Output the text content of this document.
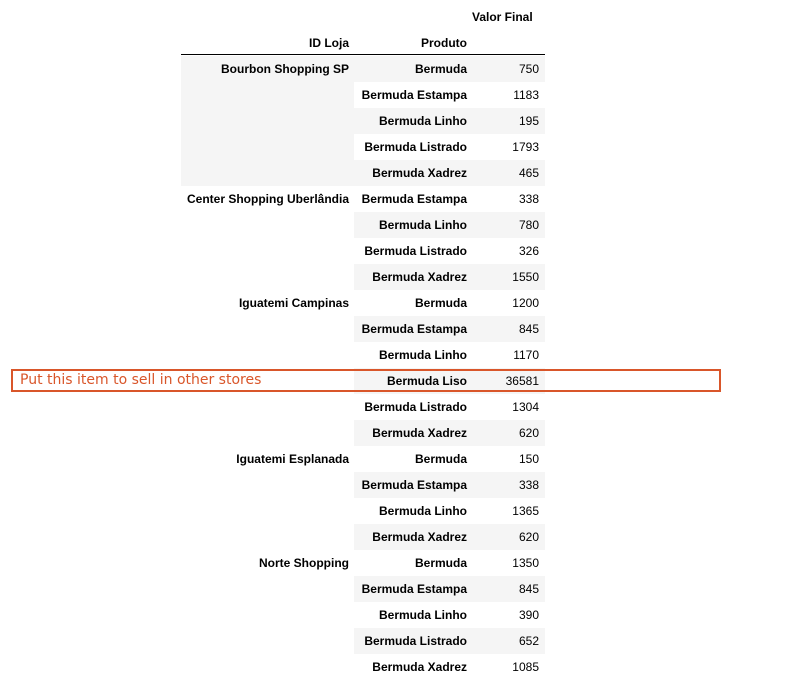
Valor Final
ID Loja	Produto
Bourbon Shopping SP	Bermuda	750
Bermuda Estampa	1183
Bermuda Linho	195
Bermuda Listrado	1793
Bermuda Xadrez	465
Center Shopping Uberlândia	Bermuda Estampa	338
Bermuda Linho	780
Bermuda Listrado	326
Bermuda Xadrez	1550
Iguatemi Campinas	Bermuda	1200
Bermuda Estampa	845
Bermuda Linho	1170
Bermuda Liso	36581
Bermuda Listrado	1304
Bermuda Xadrez	620
Iguatemi Esplanada	Bermuda	150
Bermuda Estampa	338
Bermuda Linho	1365
Bermuda Xadrez	620
Norte Shopping	Bermuda	1350
Bermuda Estampa	845
Bermuda Linho	390
Bermuda Listrado	652
Bermuda Xadrez	1085
Put this item to sell in other stores
